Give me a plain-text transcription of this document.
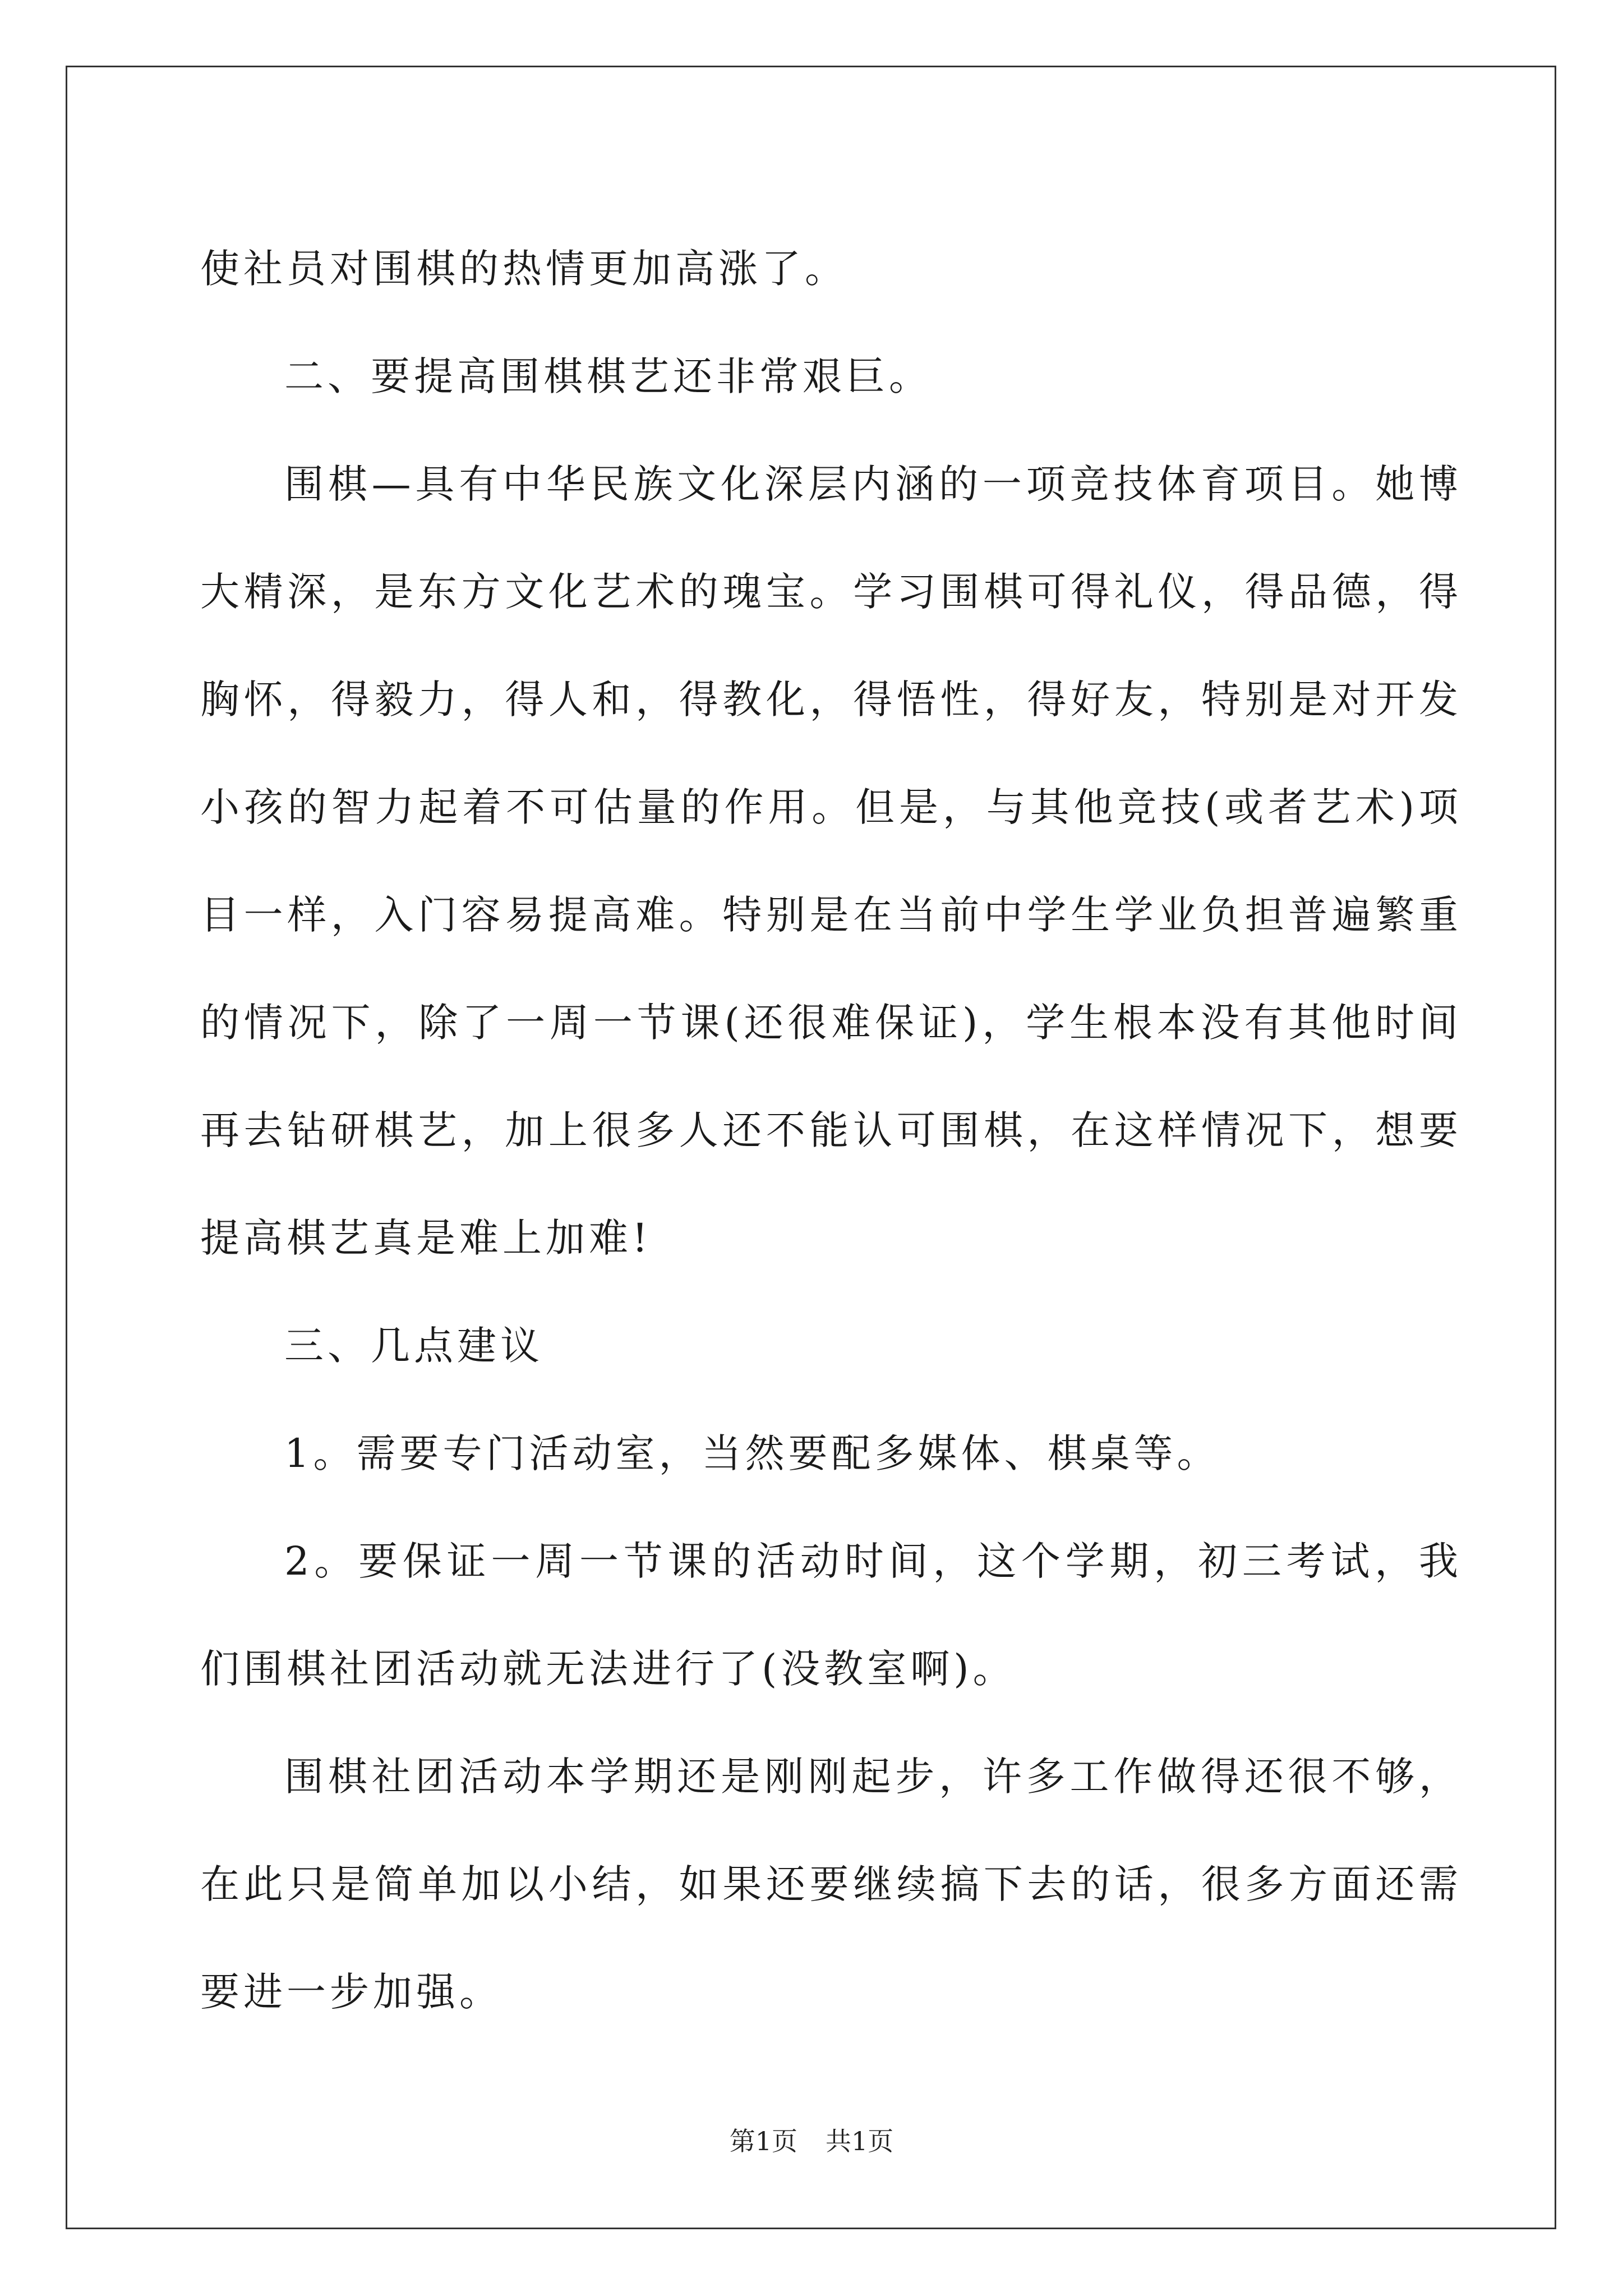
使社员对围棋的热情更加高涨了。

二、要提高围棋棋艺还非常艰巨。

围棋—具有中华民族文化深层内涵的一项竞技体育项目。她博大精深，是东方文化艺术的瑰宝。学习围棋可得礼仪，得品德，得胸怀，得毅力，得人和，得教化，得悟性，得好友，特别是对开发小孩的智力起着不可估量的作用。但是，与其他竞技(或者艺术)项目一样，入门容易提高难。特别是在当前中学生学业负担普遍繁重的情况下，除了一周一节课(还很难保证)，学生根本没有其他时间再去钻研棋艺，加上很多人还不能认可围棋，在这样情况下，想要提高棋艺真是难上加难!

三、几点建议

1。需要专门活动室，当然要配多媒体、棋桌等。

2。要保证一周一节课的活动时间，这个学期，初三考试，我们围棋社团活动就无法进行了(没教室啊)。

围棋社团活动本学期还是刚刚起步，许多工作做得还很不够，在此只是简单加以小结，如果还要继续搞下去的话，很多方面还需要进一步加强。

第1页 共1页
